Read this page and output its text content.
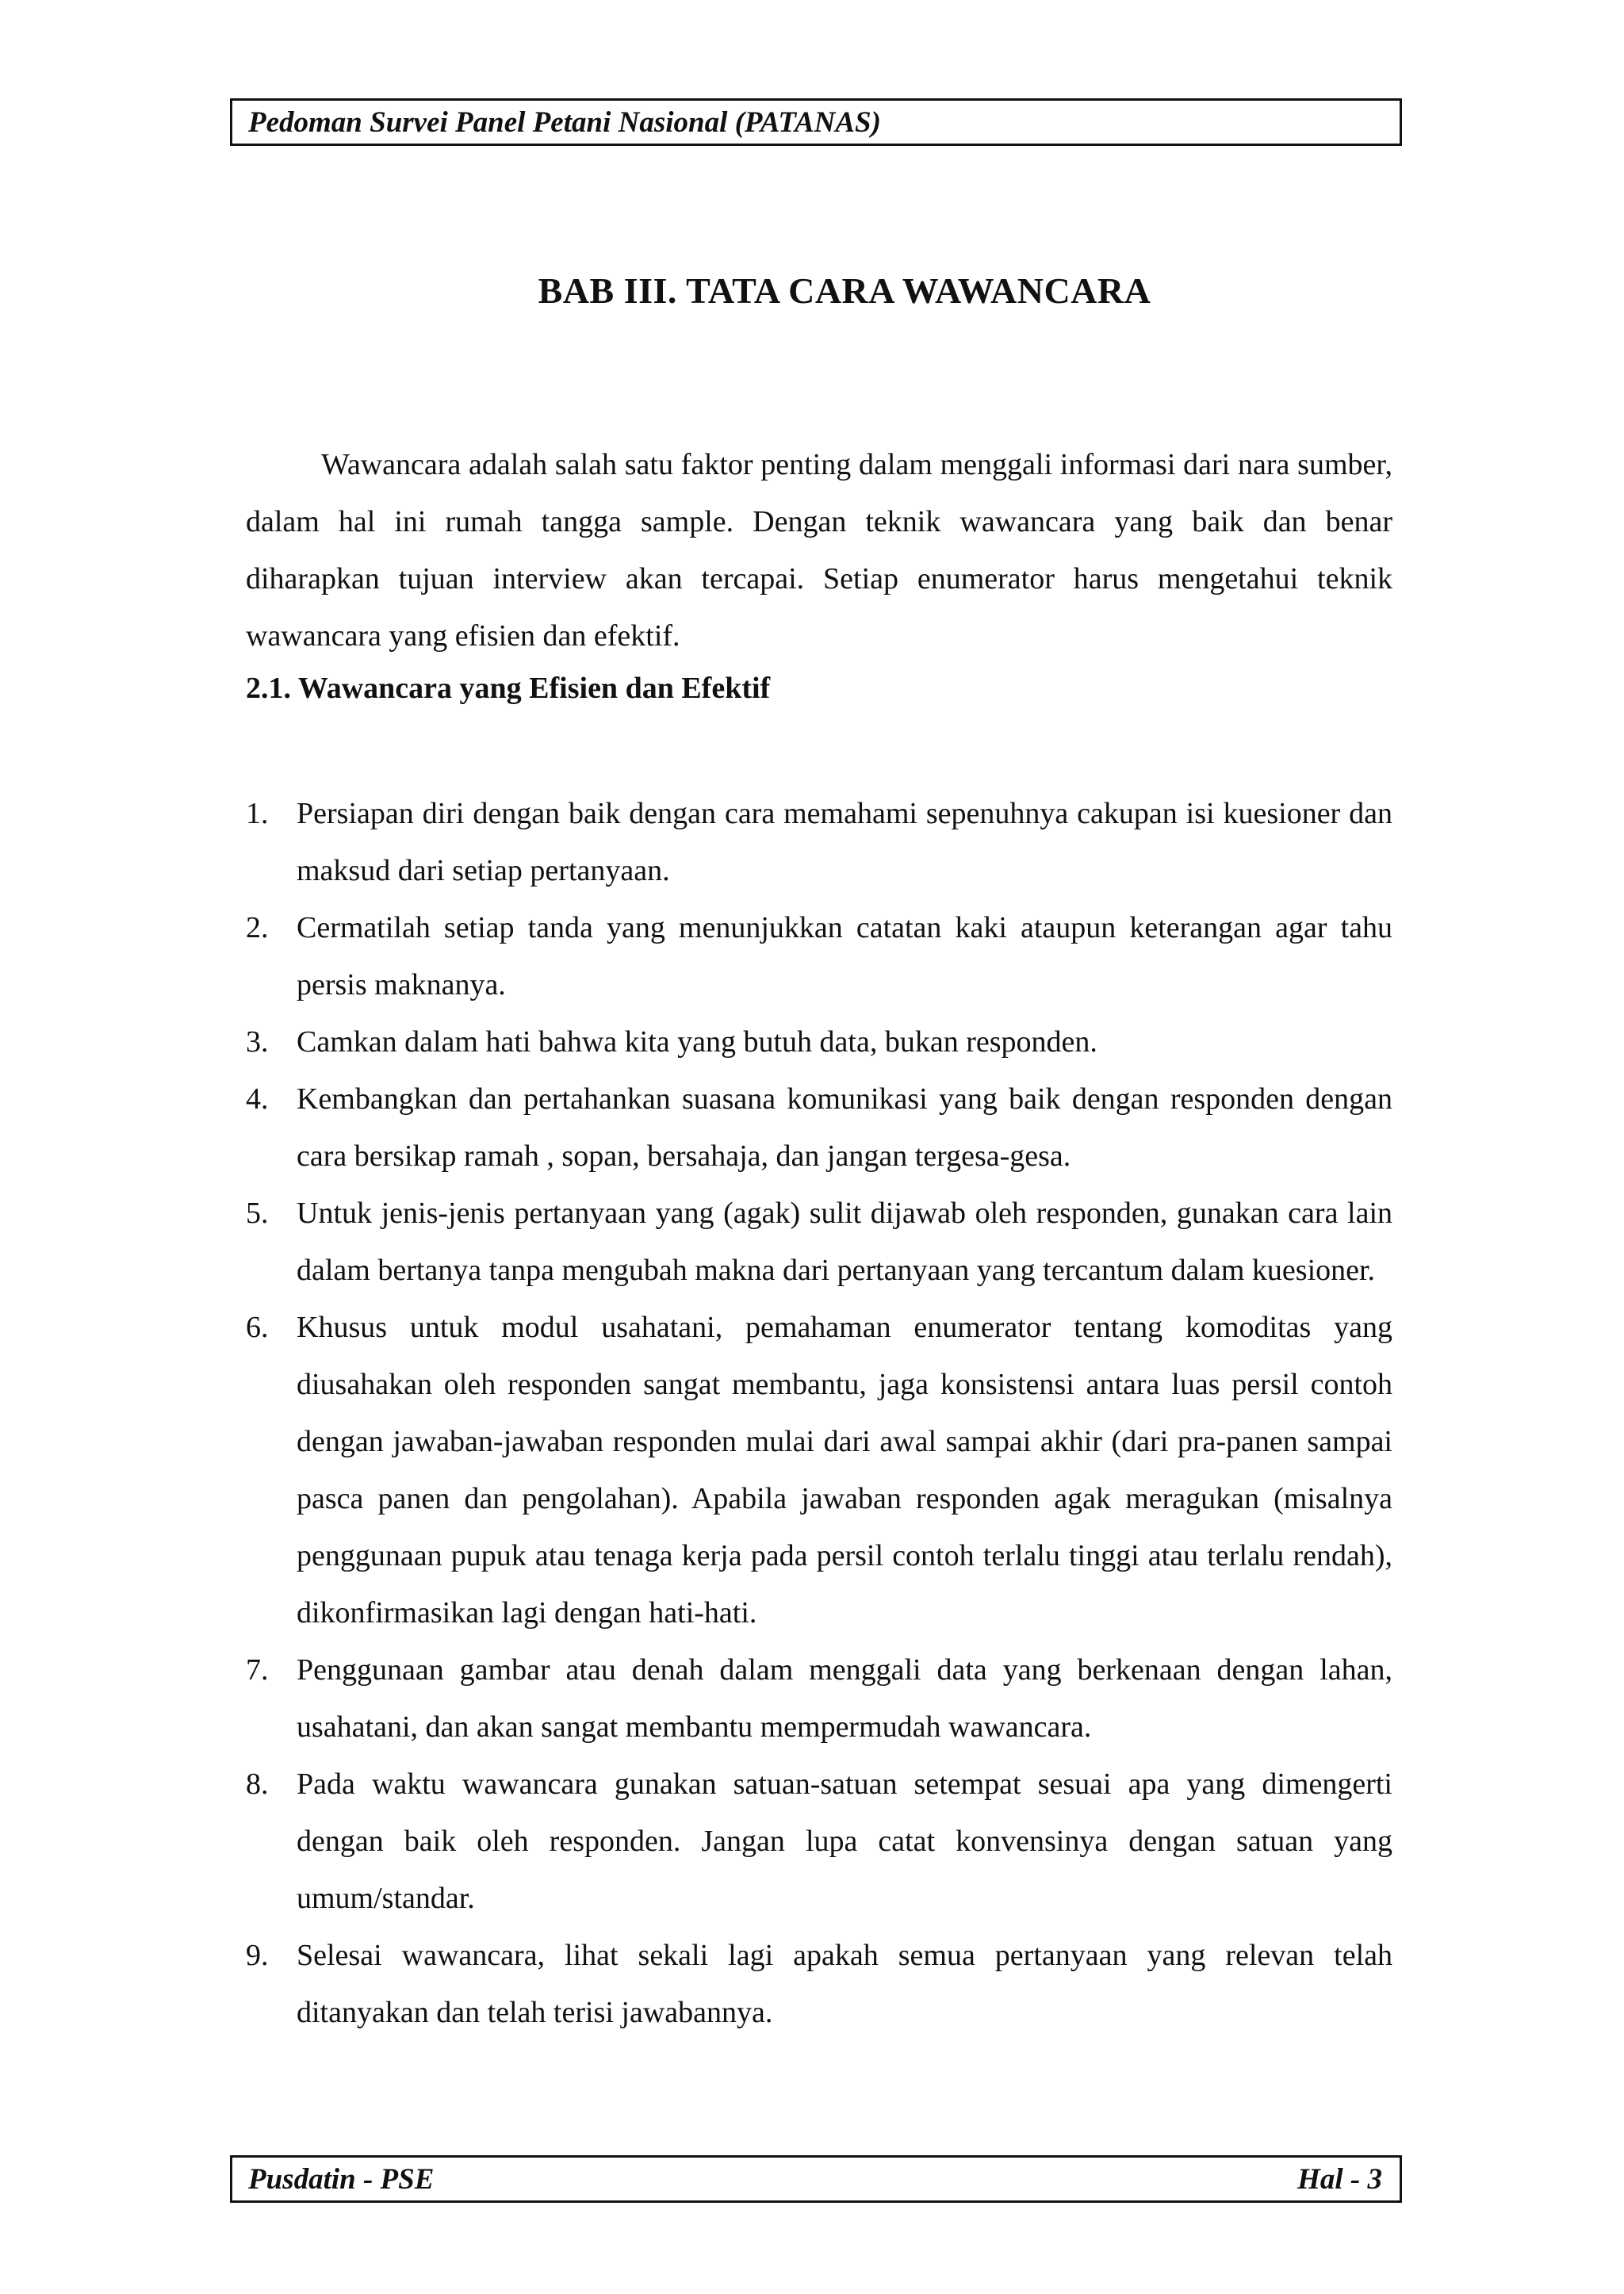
Pedoman Survei Panel Petani Nasional (PATANAS)
BAB III. TATA CARA WAWANCARA

Wawancara adalah salah satu faktor penting dalam menggali informasi dari nara sumber, dalam hal ini rumah tangga sample. Dengan teknik wawancara yang baik dan benar diharapkan tujuan interview akan tercapai. Setiap enumerator harus mengetahui teknik wawancara yang efisien dan efektif.

2.1. Wawancara yang Efisien dan Efektif
1. Persiapan diri dengan baik dengan cara memahami sepenuhnya cakupan isi kuesioner dan maksud dari setiap pertanyaan.
2. Cermatilah setiap tanda yang menunjukkan catatan kaki ataupun keterangan agar tahu persis maknanya.
3. Camkan dalam hati bahwa kita yang butuh data, bukan responden.
4. Kembangkan dan pertahankan suasana komunikasi yang baik dengan responden dengan cara bersikap ramah , sopan, bersahaja, dan jangan tergesa-gesa.
5. Untuk jenis-jenis pertanyaan yang (agak) sulit dijawab oleh responden, gunakan cara lain dalam bertanya tanpa mengubah makna dari pertanyaan yang tercantum dalam kuesioner.
6. Khusus untuk modul usahatani, pemahaman enumerator tentang komoditas yang diusahakan oleh responden sangat membantu, jaga konsistensi antara luas persil contoh dengan jawaban-jawaban responden mulai dari awal sampai akhir (dari pra-panen sampai pasca panen dan pengolahan). Apabila jawaban responden agak meragukan (misalnya penggunaan pupuk atau tenaga kerja pada persil contoh terlalu tinggi atau terlalu rendah), dikonfirmasikan lagi dengan hati-hati.
7. Penggunaan gambar atau denah dalam menggali data yang berkenaan dengan lahan, usahatani, dan akan sangat membantu mempermudah wawancara.
8. Pada waktu wawancara gunakan satuan-satuan setempat sesuai apa yang dimengerti dengan baik oleh responden. Jangan lupa catat konvensinya dengan satuan yang umum/standar.
9. Selesai wawancara, lihat sekali lagi apakah semua pertanyaan yang relevan telah ditanyakan dan telah terisi jawabannya.
Pusdatin - PSE	Hal - 3
